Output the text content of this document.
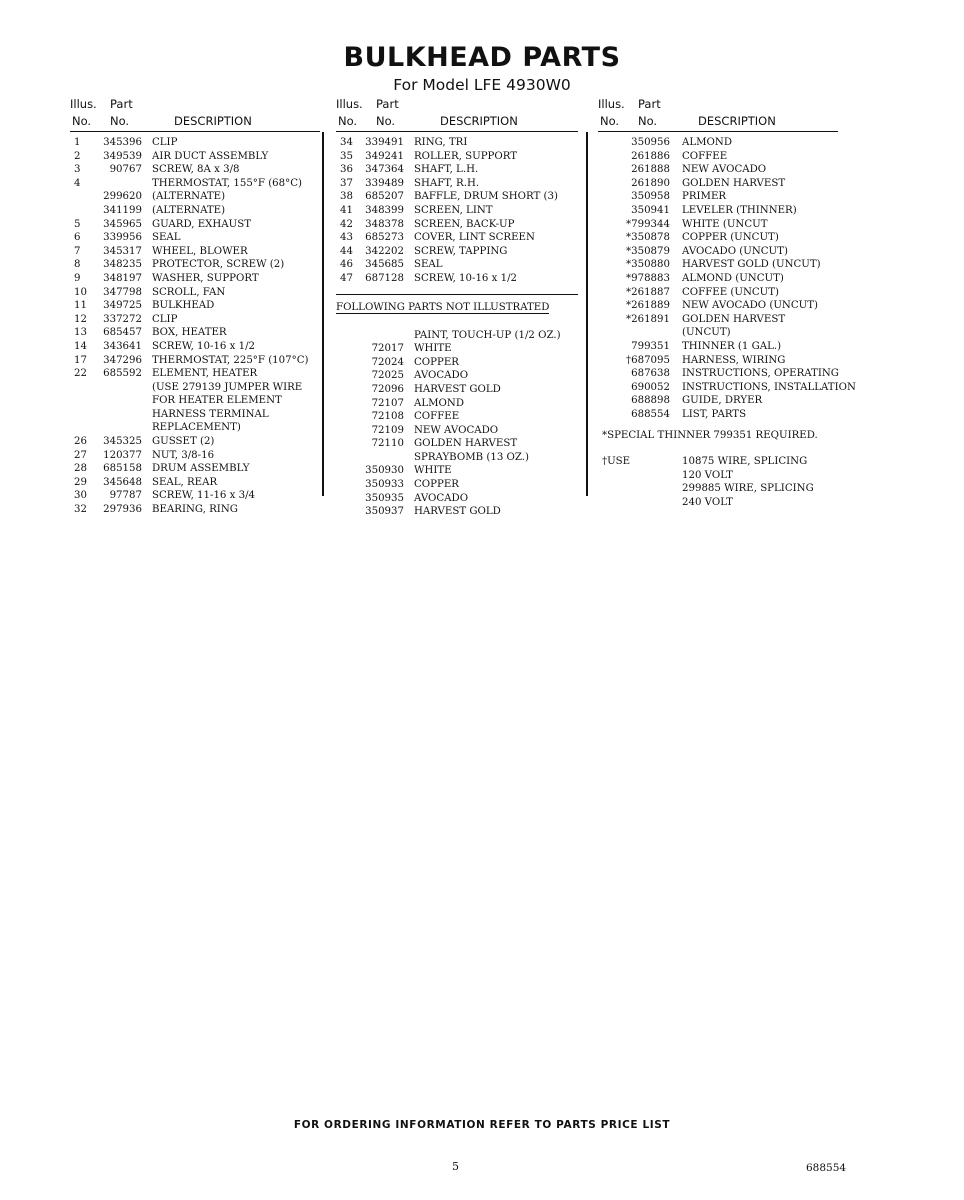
BULKHEAD PARTS
For Model LFE 4930W0
Illus. Part
No. No.	DESCRIPTION
1	345396 CLIP
2	349539 AIR DUCT ASSEMBLY
3	90767 SCREW, 8A x 3/8
4	THERMOSTAT, 155°F (68°C)
299620 (ALTERNATE)
341199 (ALTERNATE)
5	345965 GUARD, EXHAUST
6	339956 SEAL
7	345317 WHEEL, BLOWER
8	348235 PROTECTOR, SCREW (2)
9	348197 WASHER, SUPPORT
10	347798 SCROLL, FAN
11	349725 BULKHEAD
12	337272 CLIP
13	685457 BOX, HEATER
14	343641 SCREW, 10-16 x 1/2
17	347296 THERMOSTAT, 225°F (107°C)
22	685592 ELEMENT, HEATER
(USE 279139 JUMPER WIRE
FOR HEATER ELEMENT
HARNESS TERMINAL
REPLACEMENT)
26	345325 GUSSET (2)
27	120377 NUT, 3/8-16
28	685158 DRUM ASSEMBLY
29	345648 SEAL, REAR
30	97787 SCREW, 11-16 x 3/4
32	297936 BEARING, RING
Illus. Part
No. No.	DESCRIPTION
34	339491 RING, TRI
35	349241 ROLLER, SUPPORT
36	347364 SHAFT, L.H.
37	339489 SHAFT, R.H.
38	685207 BAFFLE, DRUM SHORT (3)
41	348399 SCREEN, LINT
42	348378 SCREEN, BACK-UP
43	685273 COVER, LINT SCREEN
44	342202 SCREW, TAPPING
46	345685 SEAL
47	687128 SCREW, 10-16 x 1/2
FOLLOWING PARTS NOT ILLUSTRATED
PAINT, TOUCH-UP (1/2 OZ.)
72017 WHITE
72024 COPPER
72025 AVOCADO
72096 HARVEST GOLD
72107 ALMOND
72108 COFFEE
72109 NEW AVOCADO
72110 GOLDEN HARVEST
SPRAYBOMB (13 OZ.)
350930 WHITE
350933 COPPER
350935 AVOCADO
350937 HARVEST GOLD
Illus. Part
No. No.	DESCRIPTION
350956 ALMOND
261886 COFFEE
261888 NEW AVOCADO
261890 GOLDEN HARVEST
350958 PRIMER
350941 LEVELER (THINNER)
*799344 WHITE (UNCUT
*350878 COPPER (UNCUT)
*350879 AVOCADO (UNCUT)
*350880 HARVEST GOLD (UNCUT)
*978883 ALMOND (UNCUT)
*261887 COFFEE (UNCUT)
*261889 NEW AVOCADO (UNCUT)
*261891 GOLDEN HARVEST
(UNCUT)
799351 THINNER (1 GAL.)
†687095 HARNESS, WIRING
687638 INSTRUCTIONS, OPERATING
690052 INSTRUCTIONS, INSTALLATION
688898 GUIDE, DRYER
688554 LIST, PARTS
*SPECIAL THINNER 799351 REQUIRED.
†USE	10875 WIRE, SPLICING
120 VOLT
299885 WIRE, SPLICING
240 VOLT
FOR ORDERING INFORMATION REFER TO PARTS PRICE LIST
5	688554
